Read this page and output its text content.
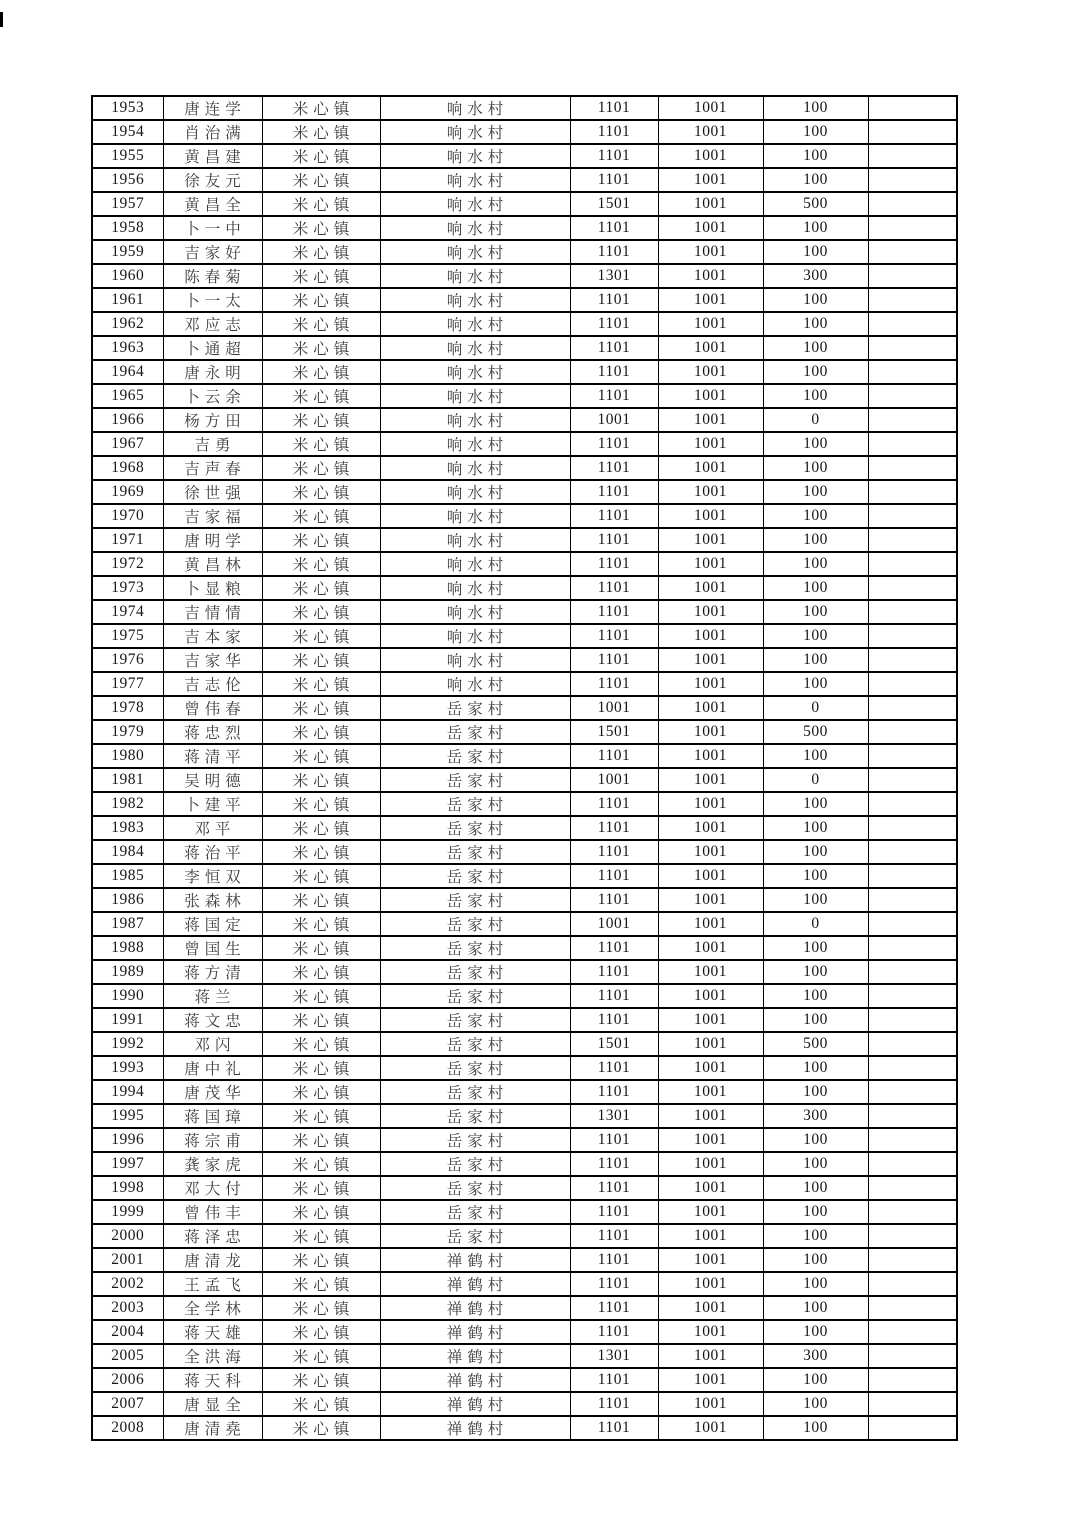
1953	唐连学	米心镇	响水村	1101	1001	100	
1954	肖治满	米心镇	响水村	1101	1001	100	
1955	黄昌建	米心镇	响水村	1101	1001	100	
1956	徐友元	米心镇	响水村	1101	1001	100	
1957	黄昌全	米心镇	响水村	1501	1001	500	
1958	卜一中	米心镇	响水村	1101	1001	100	
1959	吉家好	米心镇	响水村	1101	1001	100	
1960	陈春菊	米心镇	响水村	1301	1001	300	
1961	卜一太	米心镇	响水村	1101	1001	100	
1962	邓应志	米心镇	响水村	1101	1001	100	
1963	卜通超	米心镇	响水村	1101	1001	100	
1964	唐永明	米心镇	响水村	1101	1001	100	
1965	卜云余	米心镇	响水村	1101	1001	100	
1966	杨方田	米心镇	响水村	1001	1001	0	
1967	吉勇	米心镇	响水村	1101	1001	100	
1968	吉声春	米心镇	响水村	1101	1001	100	
1969	徐世强	米心镇	响水村	1101	1001	100	
1970	吉家福	米心镇	响水村	1101	1001	100	
1971	唐明学	米心镇	响水村	1101	1001	100	
1972	黄昌林	米心镇	响水村	1101	1001	100	
1973	卜显粮	米心镇	响水村	1101	1001	100	
1974	吉情情	米心镇	响水村	1101	1001	100	
1975	吉本家	米心镇	响水村	1101	1001	100	
1976	吉家华	米心镇	响水村	1101	1001	100	
1977	吉志伦	米心镇	响水村	1101	1001	100	
1978	曾伟春	米心镇	岳家村	1001	1001	0	
1979	蒋忠烈	米心镇	岳家村	1501	1001	500	
1980	蒋清平	米心镇	岳家村	1101	1001	100	
1981	吴明德	米心镇	岳家村	1001	1001	0	
1982	卜建平	米心镇	岳家村	1101	1001	100	
1983	邓平	米心镇	岳家村	1101	1001	100	
1984	蒋治平	米心镇	岳家村	1101	1001	100	
1985	李恒双	米心镇	岳家村	1101	1001	100	
1986	张森林	米心镇	岳家村	1101	1001	100	
1987	蒋国定	米心镇	岳家村	1001	1001	0	
1988	曾国生	米心镇	岳家村	1101	1001	100	
1989	蒋方清	米心镇	岳家村	1101	1001	100	
1990	蒋兰	米心镇	岳家村	1101	1001	100	
1991	蒋文忠	米心镇	岳家村	1101	1001	100	
1992	邓闪	米心镇	岳家村	1501	1001	500	
1993	唐中礼	米心镇	岳家村	1101	1001	100	
1994	唐茂华	米心镇	岳家村	1101	1001	100	
1995	蒋国璋	米心镇	岳家村	1301	1001	300	
1996	蒋宗甫	米心镇	岳家村	1101	1001	100	
1997	龚家虎	米心镇	岳家村	1101	1001	100	
1998	邓大付	米心镇	岳家村	1101	1001	100	
1999	曾伟丰	米心镇	岳家村	1101	1001	100	
2000	蒋泽忠	米心镇	岳家村	1101	1001	100	
2001	唐清龙	米心镇	禅鹤村	1101	1001	100	
2002	王孟飞	米心镇	禅鹤村	1101	1001	100	
2003	全学林	米心镇	禅鹤村	1101	1001	100	
2004	蒋天雄	米心镇	禅鹤村	1101	1001	100	
2005	全洪海	米心镇	禅鹤村	1301	1001	300	
2006	蒋天科	米心镇	禅鹤村	1101	1001	100	
2007	唐显全	米心镇	禅鹤村	1101	1001	100	
2008	唐清堯	米心镇	禅鹤村	1101	1001	100	
